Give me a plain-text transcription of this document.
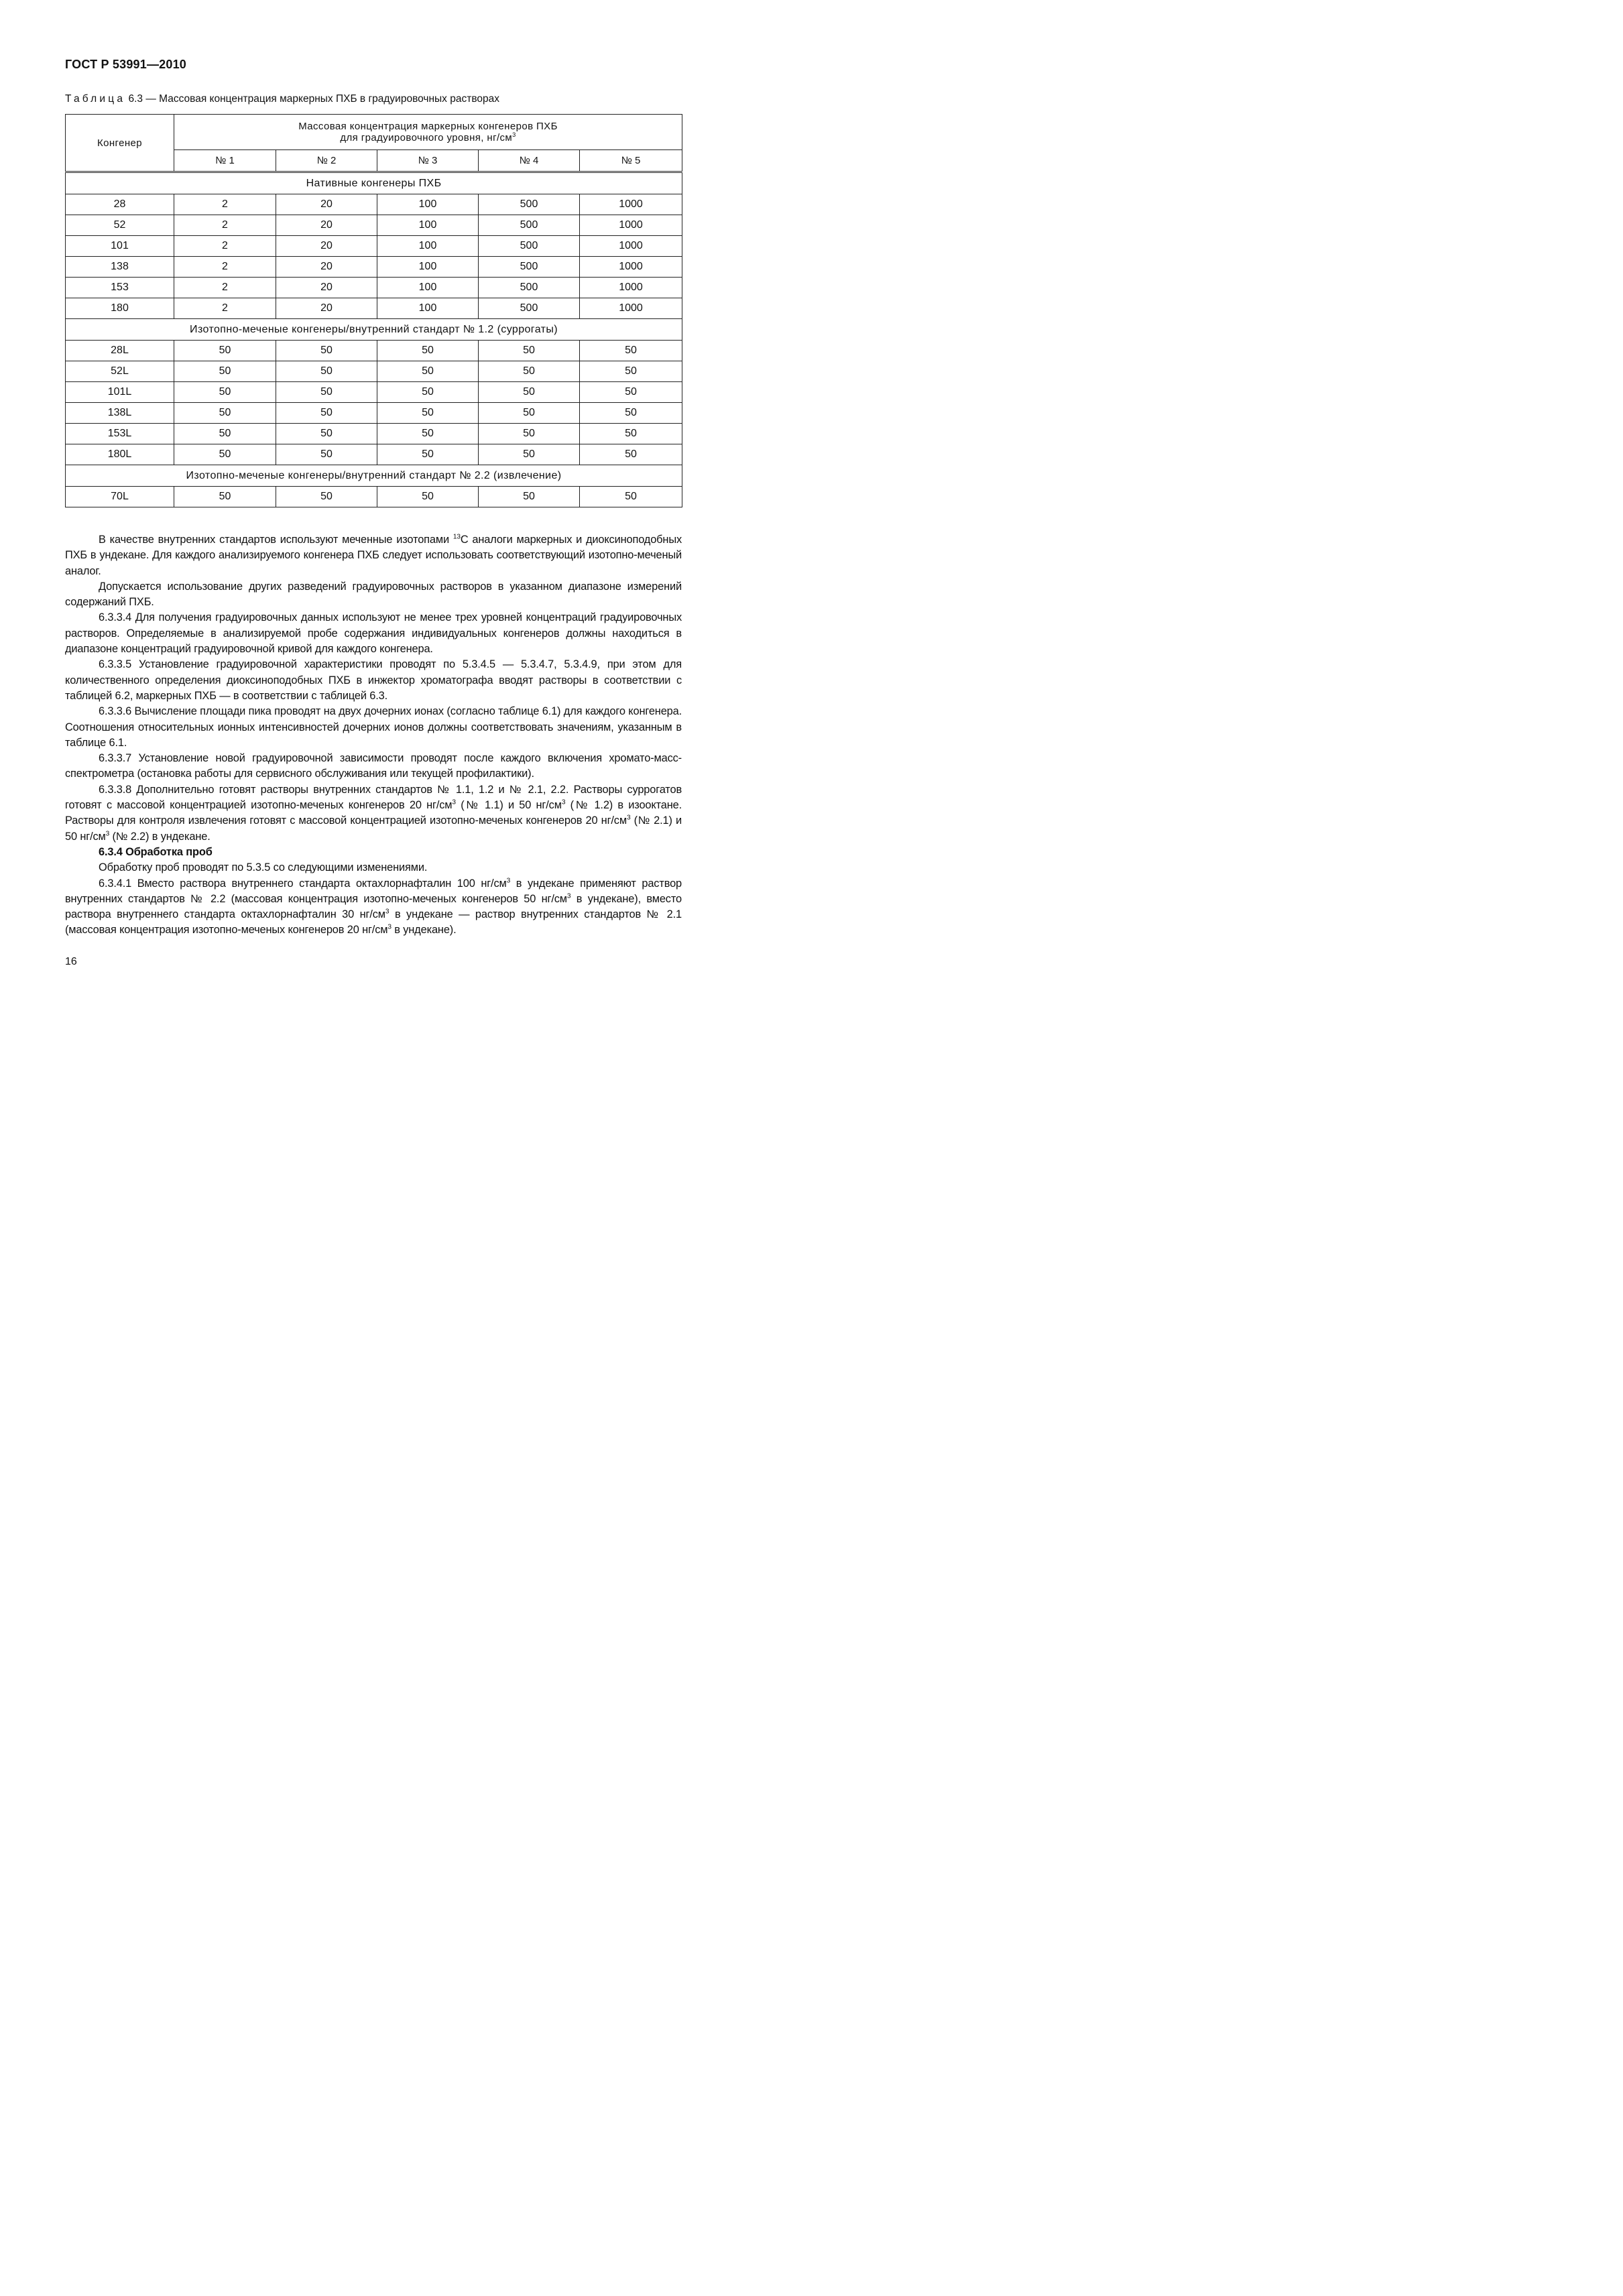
ГОСТ Р 53991—2010
Таблица 6.3 — Массовая концентрация маркерных ПХБ в градуировочных растворах
Конгенер	Массовая концентрация маркерных конгенеров ПХБ
для градуировочного уровня, $нг/см^3$
	№ 1	№ 2	№ 3	№ 4	№ 5
Нативные конгенеры ПХБ					
28	2	20	100	500	1000
52	2	20	100	500	1000
101	2	20	100	500	1000
138	2	20	100	500	1000
153	2	20	100	500	1000
180	2	20	100	500	1000
Изотопно-меченые конгенеры/внутренний стандарт № 1.2 (суррогаты)					
28L	50	50	50	50	50
52L	50	50	50	50	50
101L	50	50	50	50	50
138L	50	50	50	50	50
153L	50	50	50	50	50
180L	50	50	50	50	50
Изотопно-меченые конгенеры/внутренний стандарт № 2.2 (извлечение)					
70L	50	50	50	50	50

В качестве внутренних стандартов используют меченные изотопами $^{13}$С аналоги маркерных и диоксиноподобных ПХБ в ундекане. Для каждого анализируемого конгенера ПХБ следует использовать соответствующий изотопно-меченый аналог.

Допускается использование других разведений градуировочных растворов в указанном диапазоне измерений содержаний ПХБ.

6.3.3.4 Для получения градуировочных данных используют не менее трех уровней концентраций градуировочных растворов. Определяемые в анализируемой пробе содержания индивидуальных конгенеров должны находиться в диапазоне концентраций градуировочной кривой для каждого конгенера.

6.3.3.5 Установление градуировочной характеристики проводят по 5.3.4.5 — 5.3.4.7, 5.3.4.9, при этом для количественного определения диоксиноподобных ПХБ в инжектор хроматографа вводят растворы в соответствии с таблицей 6.2, маркерных ПХБ — в соответствии с таблицей 6.3.

6.3.3.6 Вычисление площади пика проводят на двух дочерних ионах (согласно таблице 6.1) для каждого конгенера. Соотношения относительных ионных интенсивностей дочерних ионов должны соответствовать значениям, указанным в таблице 6.1.

6.3.3.7 Установление новой градуировочной зависимости проводят после каждого включения хромато-масс-спектрометра (остановка работы для сервисного обслуживания или текущей профилактики).

6.3.3.8 Дополнительно готовят растворы внутренних стандартов № 1.1, 1.2 и № 2.1, 2.2. Растворы суррогатов готовят с массовой концентрацией изотопно-меченых конгенеров 20 $нг/см^3$ (№ 1.1) и 50 $нг/см^3$ (№ 1.2) в изооктане. Растворы для контроля извлечения готовят с массовой концентрацией изотопно-меченых конгенеров 20 $нг/см^3$ (№ 2.1) и 50 $нг/см^3$ (№ 2.2) в ундекане.

6.3.4 Обработка проб

Обработку проб проводят по 5.3.5 со следующими изменениями.

6.3.4.1 Вместо раствора внутреннего стандарта октахлорнафталин 100 $нг/см^3$ в ундекане применяют раствор внутренних стандартов № 2.2 (массовая концентрация изотопно-меченых конгенеров 50 $нг/см^3$ в ундекане), вместо раствора внутреннего стандарта октахлорнафталин 30 $нг/см^3$ в ундекане — раствор внутренних стандартов № 2.1 (массовая концентрация изотопно-меченых конгенеров 20 $нг/см^3$ в ундекане).

16
